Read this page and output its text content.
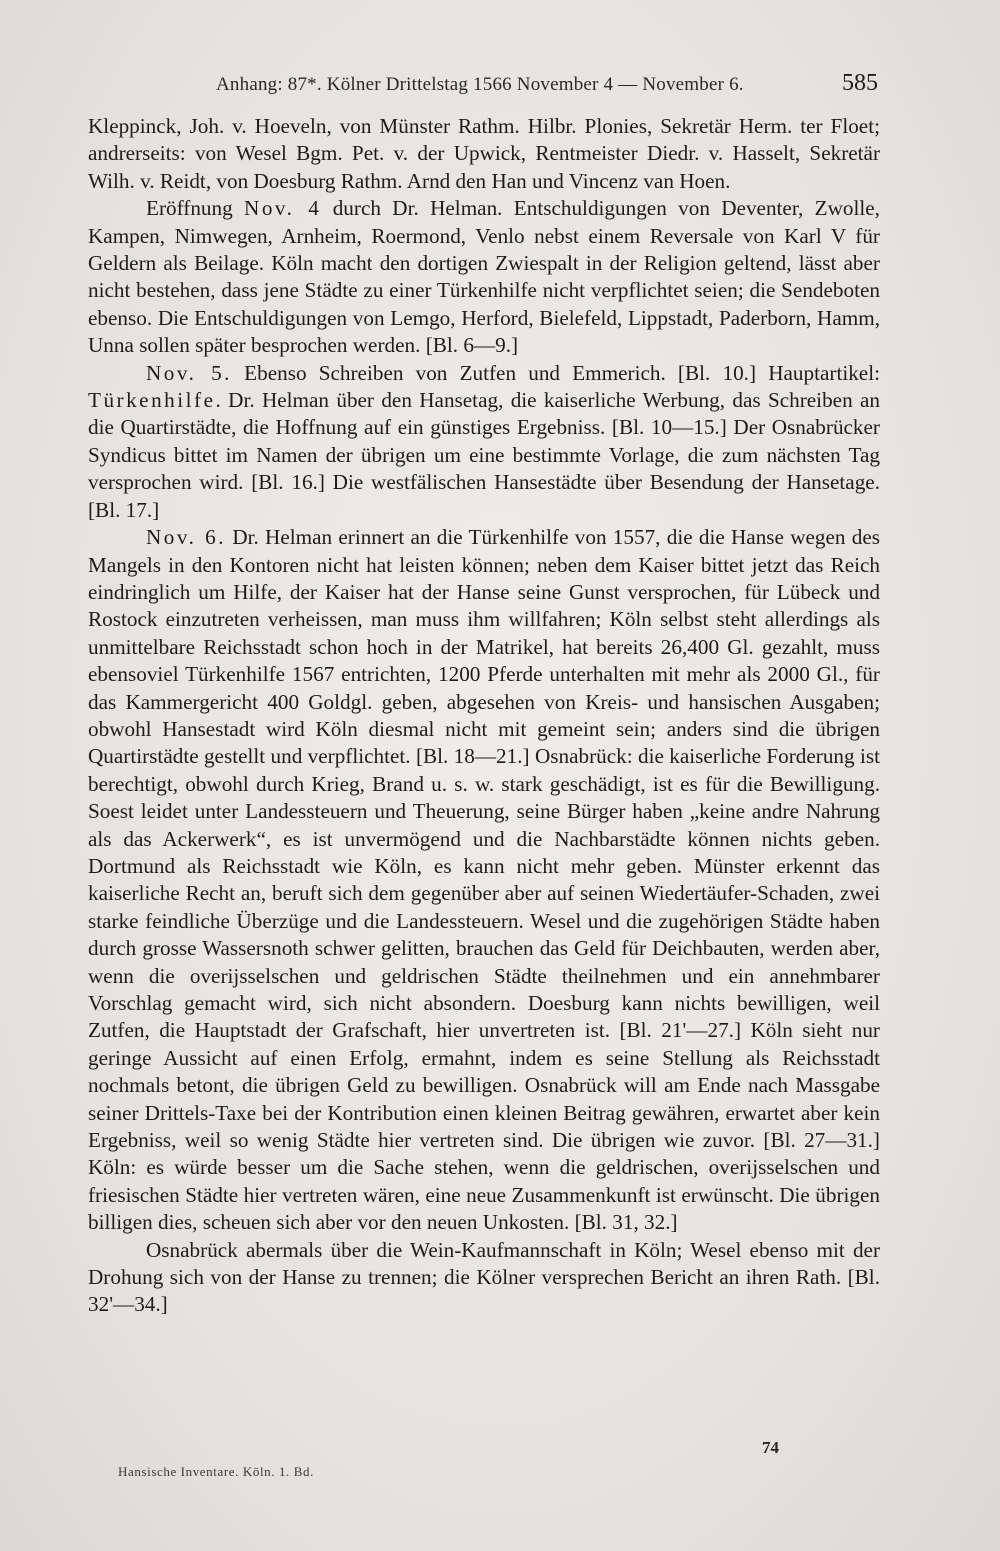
Anhang: 87*. Kölner Drittelstag 1566 November 4 — November 6.	585

Kleppinck, Joh. v. Hoeveln, von Münster Rathm. Hilbr. Plonies, Sekretär Herm. ter Floet; andrerseits: von Wesel Bgm. Pet. v. der Upwick, Rentmeister Diedr. v. Hasselt, Sekretär Wilh. v. Reidt, von Doesburg Rathm. Arnd den Han und Vincenz van Hoen.

Eröffnung Nov. 4 durch Dr. Helman. Entschuldigungen von Deventer, Zwolle, Kampen, Nimwegen, Arnheim, Roermond, Venlo nebst einem Reversale von Karl V für Geldern als Beilage. Köln macht den dortigen Zwiespalt in der Religion geltend, lässt aber nicht bestehen, dass jene Städte zu einer Türkenhilfe nicht verpflichtet seien; die Sendeboten ebenso. Die Entschuldigungen von Lemgo, Herford, Bielefeld, Lippstadt, Paderborn, Hamm, Unna sollen später besprochen werden. [Bl. 6—9.]

Nov. 5. Ebenso Schreiben von Zutfen und Emmerich. [Bl. 10.] Hauptartikel: Türkenhilfe. Dr. Helman über den Hansetag, die kaiserliche Werbung, das Schreiben an die Quartirstädte, die Hoffnung auf ein günstiges Ergebniss. [Bl. 10—15.] Der Osnabrücker Syndicus bittet im Namen der übrigen um eine bestimmte Vorlage, die zum nächsten Tag versprochen wird. [Bl. 16.] Die westfälischen Hansestädte über Besendung der Hansetage. [Bl. 17.]

Nov. 6. Dr. Helman erinnert an die Türkenhilfe von 1557, die die Hanse wegen des Mangels in den Kontoren nicht hat leisten können; neben dem Kaiser bittet jetzt das Reich eindringlich um Hilfe, der Kaiser hat der Hanse seine Gunst versprochen, für Lübeck und Rostock einzutreten verheissen, man muss ihm willfahren; Köln selbst steht allerdings als unmittelbare Reichsstadt schon hoch in der Matrikel, hat bereits 26,400 Gl. gezahlt, muss ebensoviel Türkenhilfe 1567 entrichten, 1200 Pferde unterhalten mit mehr als 2000 Gl., für das Kammergericht 400 Goldgl. geben, abgesehen von Kreis- und hansischen Ausgaben; obwohl Hansestadt wird Köln diesmal nicht mit gemeint sein; anders sind die übrigen Quartirstädte gestellt und verpflichtet. [Bl. 18—21.] Osnabrück: die kaiserliche Forderung ist berechtigt, obwohl durch Krieg, Brand u. s. w. stark geschädigt, ist es für die Bewilligung. Soest leidet unter Landessteuern und Theuerung, seine Bürger haben „keine andre Nahrung als das Ackerwerk“, es ist unvermögend und die Nachbarstädte können nichts geben. Dortmund als Reichsstadt wie Köln, es kann nicht mehr geben. Münster erkennt das kaiserliche Recht an, beruft sich dem gegenüber aber auf seinen Wiedertäufer-Schaden, zwei starke feindliche Überzüge und die Landessteuern. Wesel und die zugehörigen Städte haben durch grosse Wassersnoth schwer gelitten, brauchen das Geld für Deichbauten, werden aber, wenn die overijsselschen und geldrischen Städte theilnehmen und ein annehmbarer Vorschlag gemacht wird, sich nicht absondern. Doesburg kann nichts bewilligen, weil Zutfen, die Hauptstadt der Grafschaft, hier unvertreten ist. [Bl. 21'—27.] Köln sieht nur geringe Aussicht auf einen Erfolg, ermahnt, indem es seine Stellung als Reichsstadt nochmals betont, die übrigen Geld zu bewilligen. Osnabrück will am Ende nach Massgabe seiner Drittels-Taxe bei der Kontribution einen kleinen Beitrag gewähren, erwartet aber kein Ergebniss, weil so wenig Städte hier vertreten sind. Die übrigen wie zuvor. [Bl. 27—31.] Köln: es würde besser um die Sache stehen, wenn die geldrischen, overijsselschen und friesischen Städte hier vertreten wären, eine neue Zusammenkunft ist erwünscht. Die übrigen billigen dies, scheuen sich aber vor den neuen Unkosten. [Bl. 31, 32.]

Osnabrück abermals über die Wein-Kaufmannschaft in Köln; Wesel ebenso mit der Drohung sich von der Hanse zu trennen; die Kölner versprechen Bericht an ihren Rath. [Bl. 32'—34.]

74
Hansische Inventare. Köln. 1. Bd.
